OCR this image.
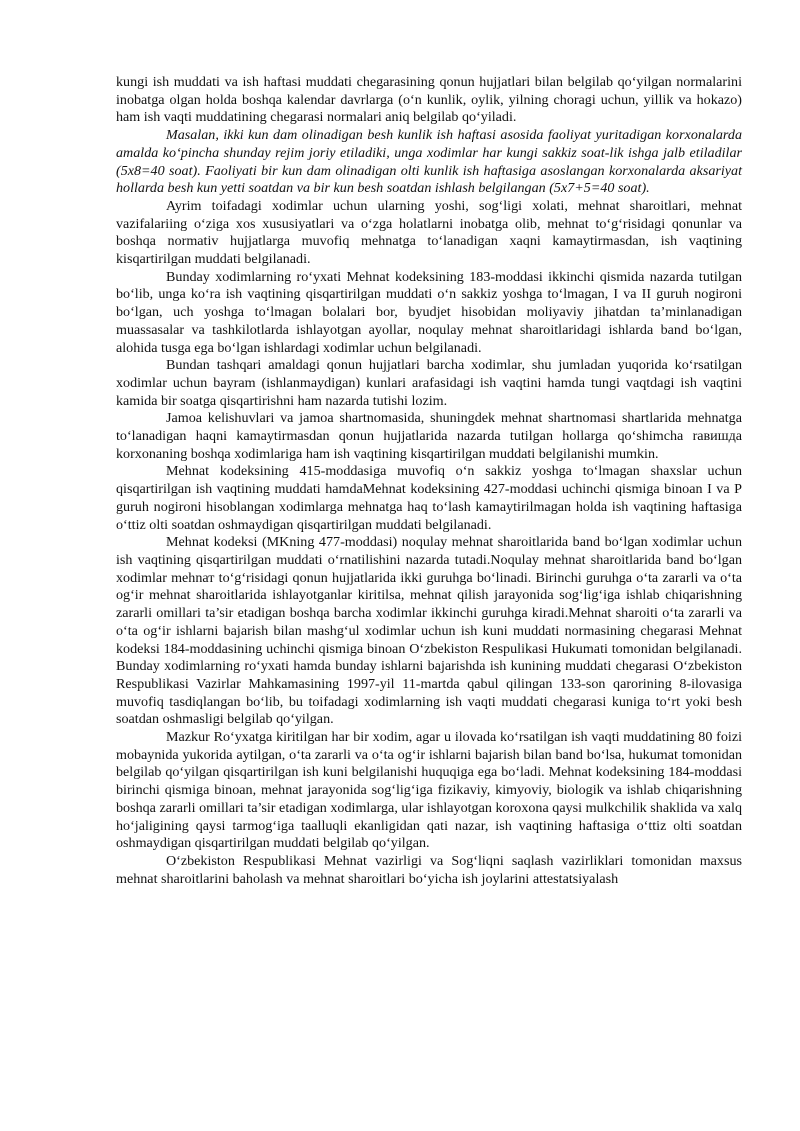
kungi ish muddati va ish haftasi muddati chegarasining qonun hujjatlari bilan belgilab qo‘yilgan normalarini inobatga olgan holda boshqa kalendar davrlarga (o‘n kunlik, oylik, yilning choragi uchun, yillik va hokazo) ham ish vaqti muddatining chegarasi normalari aniq belgilab qo‘yiladi.

Masalan, ikki kun dam olinadigan besh kunlik ish haftasi asosida faoliyat yuritadigan korxonalarda amalda ko‘pincha shunday rejim joriy etiladiki, unga xodimlar har kungi sakkiz soat-lik ishga jalb etiladilar (5x8=40 soat). Faoliyati bir kun dam olinadigan olti kunlik ish haftasiga asoslangan korxonalarda aksariyat hollarda besh kun yetti soatdan va bir kun besh soatdan ishlash belgilangan (5x7+5=40 soat).

Ayrim toifadagi xodimlar uchun ularning yoshi, sog‘ligi xolati, mehnat sharoitlari, mehnat vazifalariing o‘ziga xos xususiyatlari va o‘zga holatlarni inobatga olib, mehnat to‘g‘risidagi qonunlar va boshqa normativ hujjatlarga muvofiq mehnatga to‘lanadigan xaqni kamaytirmasdan, ish vaqtining kisqartirilgan muddati belgilanadi.

Bunday xodimlarning ro‘yxati Mehnat kodeksining 183-moddasi ikkinchi qismida nazarda tutilgan bo‘lib, unga ko‘ra ish vaqtining qisqartirilgan muddati o‘n sakkiz yoshga to‘lmagan, I va II guruh nogironi bo‘lgan, uch yoshga to‘lmagan bolalari bor, byudjet hisobidan moliyaviy jihatdan ta’minlanadigan muassasalar va tashkilotlarda ishlayotgan ayollar, noqulay mehnat sharoitlaridagi ishlarda band bo‘lgan, alohida tusga ega bo‘lgan ishlardagi xodimlar uchun belgilanadi.

Bundan tashqari amaldagi qonun hujjatlari barcha xodimlar, shu jumladan yuqorida ko‘rsatilgan xodimlar uchun bayram (ishlanmaydigan) kunlari arafasidagi ish vaqtini hamda tungi vaqtdagi ish vaqtini kamida bir soatga qisqartirishni ham nazarda tutishi lozim.

Jamoa kelishuvlari va jamoa shartnomasida, shuningdek mehnat shartnomasi shartlarida mehnatga to‘lanadigan haqni kamaytirmasdan qonun hujjatlarida nazarda tutilgan hollarga qo‘shimcha raвишда korxonaning boshqa xodimlariga ham ish vaqtining kisqartirilgan muddati belgilanishi mumkin.

Mehnat kodeksining 415-moddasiga muvofiq o‘n sakkiz yoshga to‘lmagan shaxslar uchun qisqartirilgan ish vaqtining muddati hamdaMehnat kodeksining 427-moddasi uchinchi qismiga binoan I va P guruh nogironi hisoblangan xodimlarga mehnatga haq to‘lash kamaytirilmagan holda ish vaqtining haftasiga o‘ttiz olti soatdan oshmaydigan qisqartirilgan muddati belgilanadi.

Mehnat kodeksi (MKning 477-moddasi) noqulay mehnat sharoitlarida band bo‘lgan xodimlar uchun ish vaqtining qisqartirilgan muddati o‘rnatilishini nazarda tutadi.Noqulay mehnat sharoitlarida band bo‘lgan xodimlar mehnат to‘g‘risidagi qonun hujjatlarida ikki guruhga bo‘linadi. Birinchi guruhga o‘ta zararli va o‘ta og‘ir mehnat sharoitlarida ishlayotganlar kiritilsa, mehnat qilish jarayonida sog‘lig‘iga ishlab chiqarishning zararli omillari ta’sir etadigan boshqa barcha xodimlar ikkinchi guruhga kiradi.Mehnat sharoiti o‘ta zararli va o‘ta og‘ir ishlarni bajarish bilan mashg‘ul xodimlar uchun ish kuni muddati normasining chegarasi Mehnat kodeksi 184-moddasining uchinchi qismiga binoan O‘zbekiston Respulikasi Hukumati tomonidan belgilanadi. Bunday xodimlarning ro‘yxati hamda bunday ishlarni bajarishda ish kunining muddati chegarasi O‘zbekiston Respublikasi Vazirlar Mahkamasining 1997-yil 11-martda qabul qilingan 133-son qarorining 8-ilovasiga muvofiq tasdiqlangan bo‘lib, bu toifadagi xodimlarning ish vaqti muddati chegarasi kuniga to‘rt yoki besh soatdan oshmasligi belgilab qo‘yilgan.

Mazkur Ro‘yxatga kiritilgan har bir xodim, agar u ilovada ko‘rsatilgan ish vaqti muddatining 80 foizi mobaynida yukorida aytilgan, o‘ta zararli va o‘ta og‘ir ishlarni bajarish bilan band bo‘lsa, hukumat tomonidan belgilab qo‘yilgan qisqartirilgan ish kuni belgilanishi huquqiga ega bo‘ladi. Mehnat kodeksining 184-moddasi birinchi qismiga binoan, mehnat jarayonida sog‘lig‘iga fizikaviy, kimyoviy, biologik va ishlab chiqarishning boshqa zararli omillari ta’sir etadigan xodimlarga, ular ishlayotgan koroxona qaysi mulkchilik shaklida va xalq ho‘jaligining qaysi tarmog‘iga taalluqli ekanligidan qati nazar, ish vaqtining haftasiga o‘ttiz olti soatdan oshmaydigan qisqartirilgan muddati belgilab qo‘yilgan.

O‘zbekiston Respublikasi Mehnat vazirligi va Sog‘liqni saqlash vazirliklari tomonidan maxsus mehnat sharoitlarini baholash va mehnat sharoitlari bo‘yicha ish joylarini attestatsiyalash
